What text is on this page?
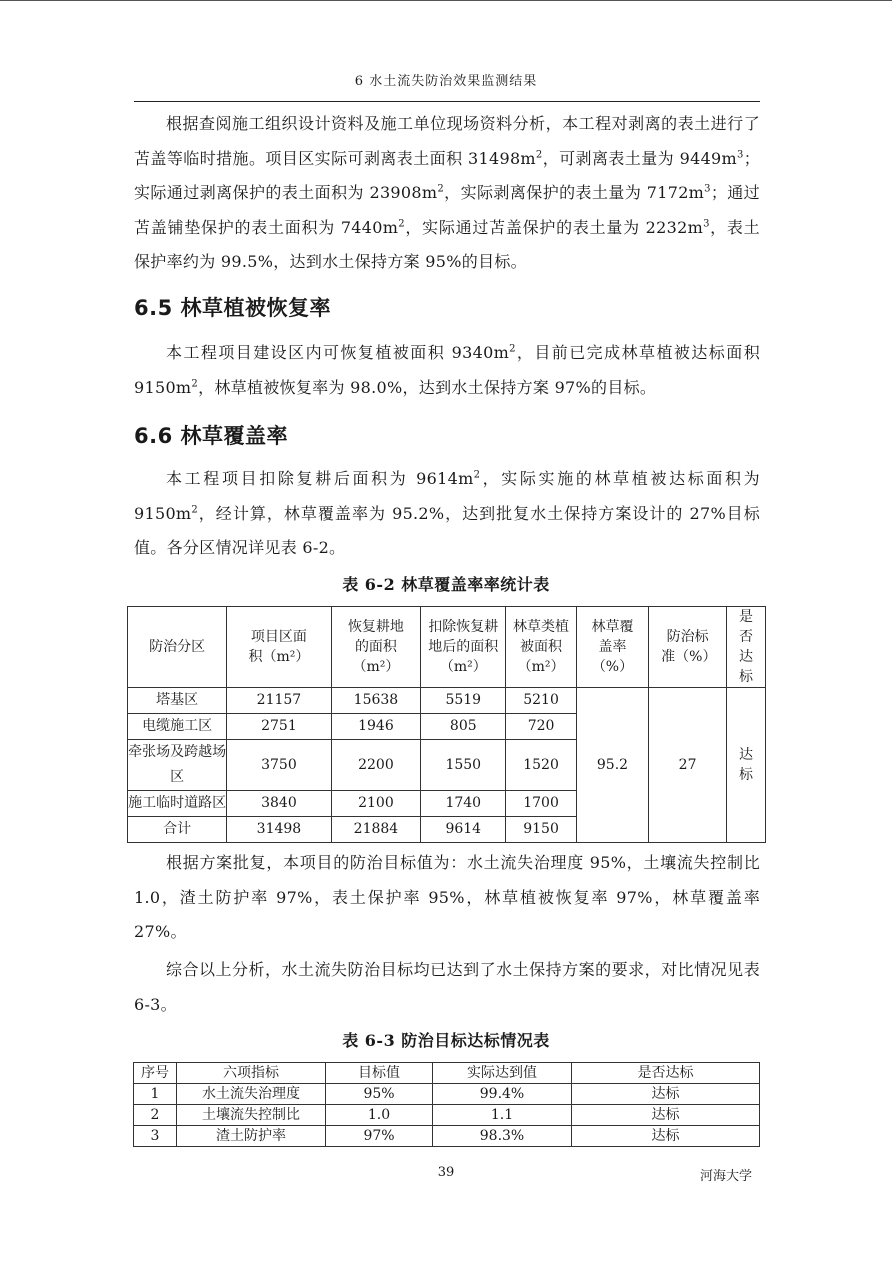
6 水土流失防治效果监测结果

根据查阅施工组织设计资料及施工单位现场资料分析，本工程对剥离的表土进行了苫盖等临时措施。项目区实际可剥离表土面积 $31498m^2$，可剥离表土量为 $9449m^3$；实际通过剥离保护的表土面积为 $23908m^2$，实际剥离保护的表土量为 $7172m^3$；通过苫盖铺垫保护的表土面积为 $7440m^2$，实际通过苫盖保护的表土量为 $2232m^3$，表土保护率约为 99.5%，达到水土保持方案 95%的目标。

6.5 林草植被恢复率

本工程项目建设区内可恢复植被面积 $9340m^2$，目前已完成林草植被达标面积 $9150m^2$，林草植被恢复率为 98.0%，达到水土保持方案 97%的目标。

6.6 林草覆盖率

本工程项目扣除复耕后面积为 $9614m^2$，实际实施的林草植被达标面积为 $9150m^2$，经计算，林草覆盖率为 95.2%，达到批复水土保持方案设计的 27%目标值。各分区情况详见表 6-2。

表 6-2 林草覆盖率率统计表
防治分区	项目区面积（m²）	恢复耕地的面积（m²）	扣除恢复耕地后的面积（m²）	林草类植被面积（m²）	林草覆盖率（%）	防治标准（%）	是否达标
塔基区	21157	15638	5519	5210	95.2	27	达标
电缆施工区	2751	1946	805	720			
牵张场及跨越场区	3750	2200	1550	1520			
施工临时道路区	3840	2100	1740	1700			
合计	31498	21884	9614	9150			

根据方案批复，本项目的防治目标值为：水土流失治理度 95%，土壤流失控制比 1.0，渣土防护率 97%，表土保护率 95%，林草植被恢复率 97%，林草覆盖率 27%。

综合以上分析，水土流失防治目标均已达到了水土保持方案的要求，对比情况见表 6-3。

表 6-3 防治目标达标情况表
序号	六项指标	目标值	实际达到值	是否达标
1	水土流失治理度	95%	99.4%	达标
2	土壤流失控制比	1.0	1.1	达标
3	渣土防护率	97%	98.3%	达标
39	河海大学
